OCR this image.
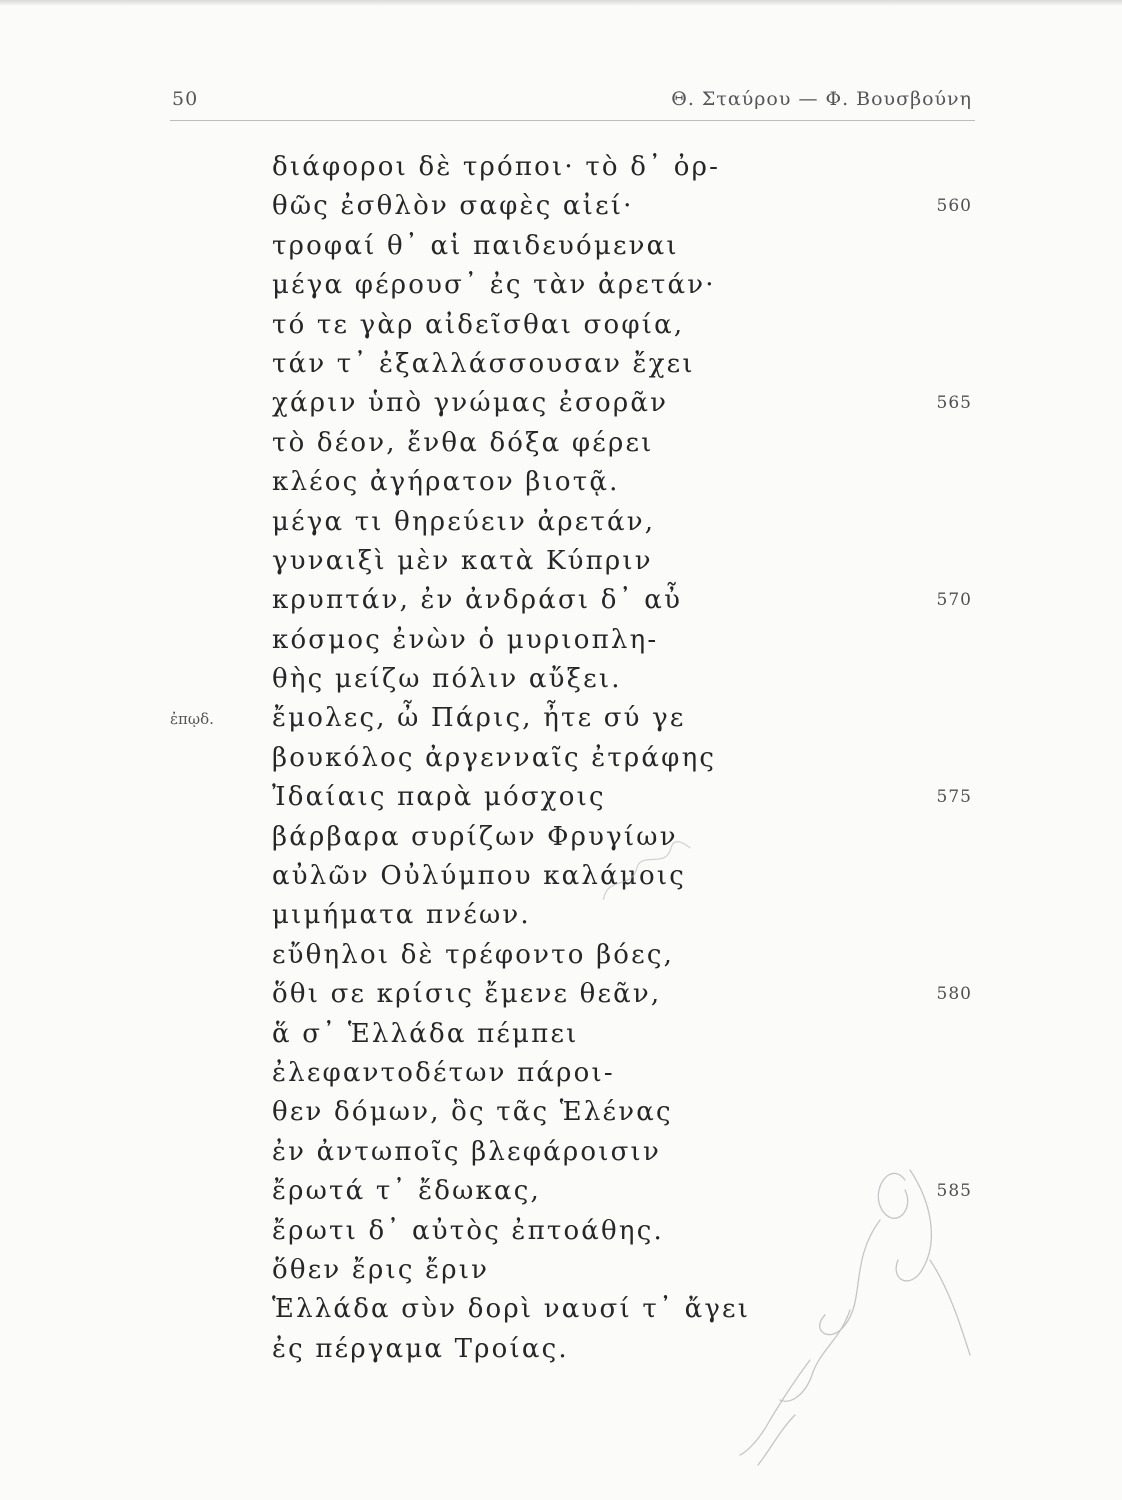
50	Θ. Σταύρου — Φ. Βουσβούνη
διάφοροι δὲ τρόποι· τὸ δ᾽ ὀρ-
θῶς ἐσθλὸν σαφὲς αἰεί·	560
τροφαί θ᾽ αἱ παιδευόμεναι
μέγα φέρουσ᾽ ἐς τὰν ἀρετάν·
τό τε γὰρ αἰδεῖσθαι σοφία,
τάν τ᾽ ἐξαλλάσσουσαν ἔχει
χάριν ὑπὸ γνώμας ἐσορᾶν	565
τὸ δέον, ἔνθα δόξα φέρει
κλέος ἀγήρατον βιοτᾷ.
μέγα τι θηρεύειν ἀρετάν,
γυναιξὶ μὲν κατὰ Κύπριν
κρυπτάν, ἐν ἀνδράσι δ᾽ αὖ	570
κόσμος ἐνὼν ὁ μυριοπλη-
θὴς μείζω πόλιν αὔξει.
ἔμολες, ὦ Πάρις, ἦτε σύ γε
ἐπῳδ.
βουκόλος ἀργενναῖς ἐτράφης
Ἰδαίαις παρὰ μόσχοις	575
βάρβαρα συρίζων Φρυγίων
αὐλῶν Οὐλύμπου καλάμοις
μιμήματα πνέων.
εὔθηλοι δὲ τρέφοντο βόες,
ὅθι σε κρίσις ἔμενε θεᾶν,	580
ἅ σ᾽ Ἑλλάδα πέμπει
ἐλεφαντοδέτων πάροι-
θεν δόμων, ὃς τᾶς Ἑλένας
ἐν ἀντωποῖς βλεφάροισιν
ἔρωτά τ᾽ ἔδωκας,	585
ἔρωτι δ᾽ αὐτὸς ἐπτοάθης.
ὅθεν ἔρις ἔριν
Ἑλλάδα σὺν δορὶ ναυσί τ᾽ ἄγει
ἐς πέργαμα Τροίας.
